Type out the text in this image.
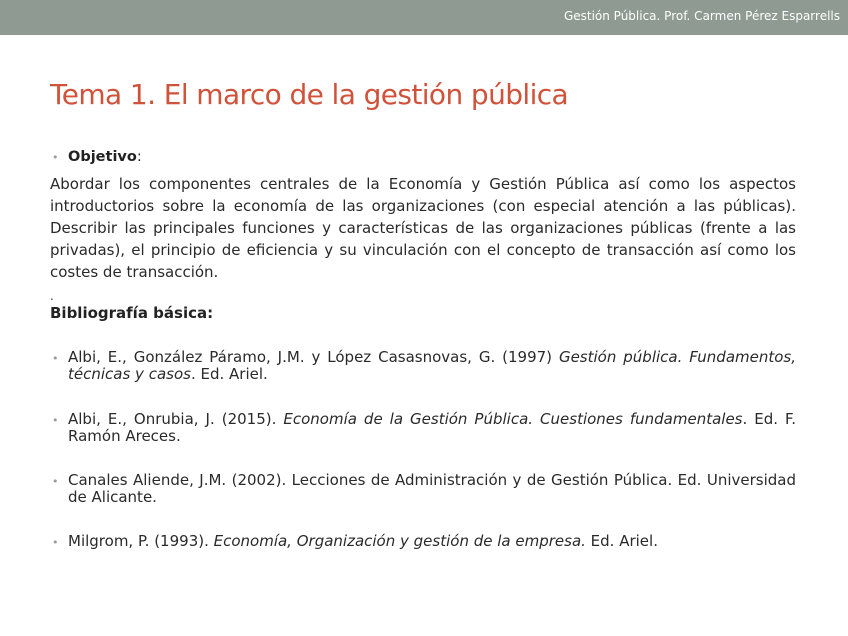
Gestión Pública. Prof. Carmen Pérez Esparrells
Tema 1. El marco de la gestión pública
• Objetivo:
Abordar los componentes centrales de la Economía y Gestión Pública así como los aspectos introductorios sobre la economía de las organizaciones (con especial atención a las públicas). Describir las principales funciones y características de las organizaciones públicas (frente a las privadas), el principio de eficiencia y su vinculación con el concepto de transacción así como los costes de transacción.
.
Bibliografía básica:
• Albi, E., González Páramo, J.M. y López Casasnovas, G. (1997) Gestión pública. Fundamentos, técnicas y casos. Ed. Ariel.
• Albi, E., Onrubia, J. (2015). Economía de la Gestión Pública. Cuestiones fundamentales. Ed. F. Ramón Areces.
• Canales Aliende, J.M. (2002). Lecciones de Administración y de Gestión Pública. Ed. Universidad de Alicante.
• Milgrom, P. (1993). Economía, Organización y gestión de la empresa. Ed. Ariel.
